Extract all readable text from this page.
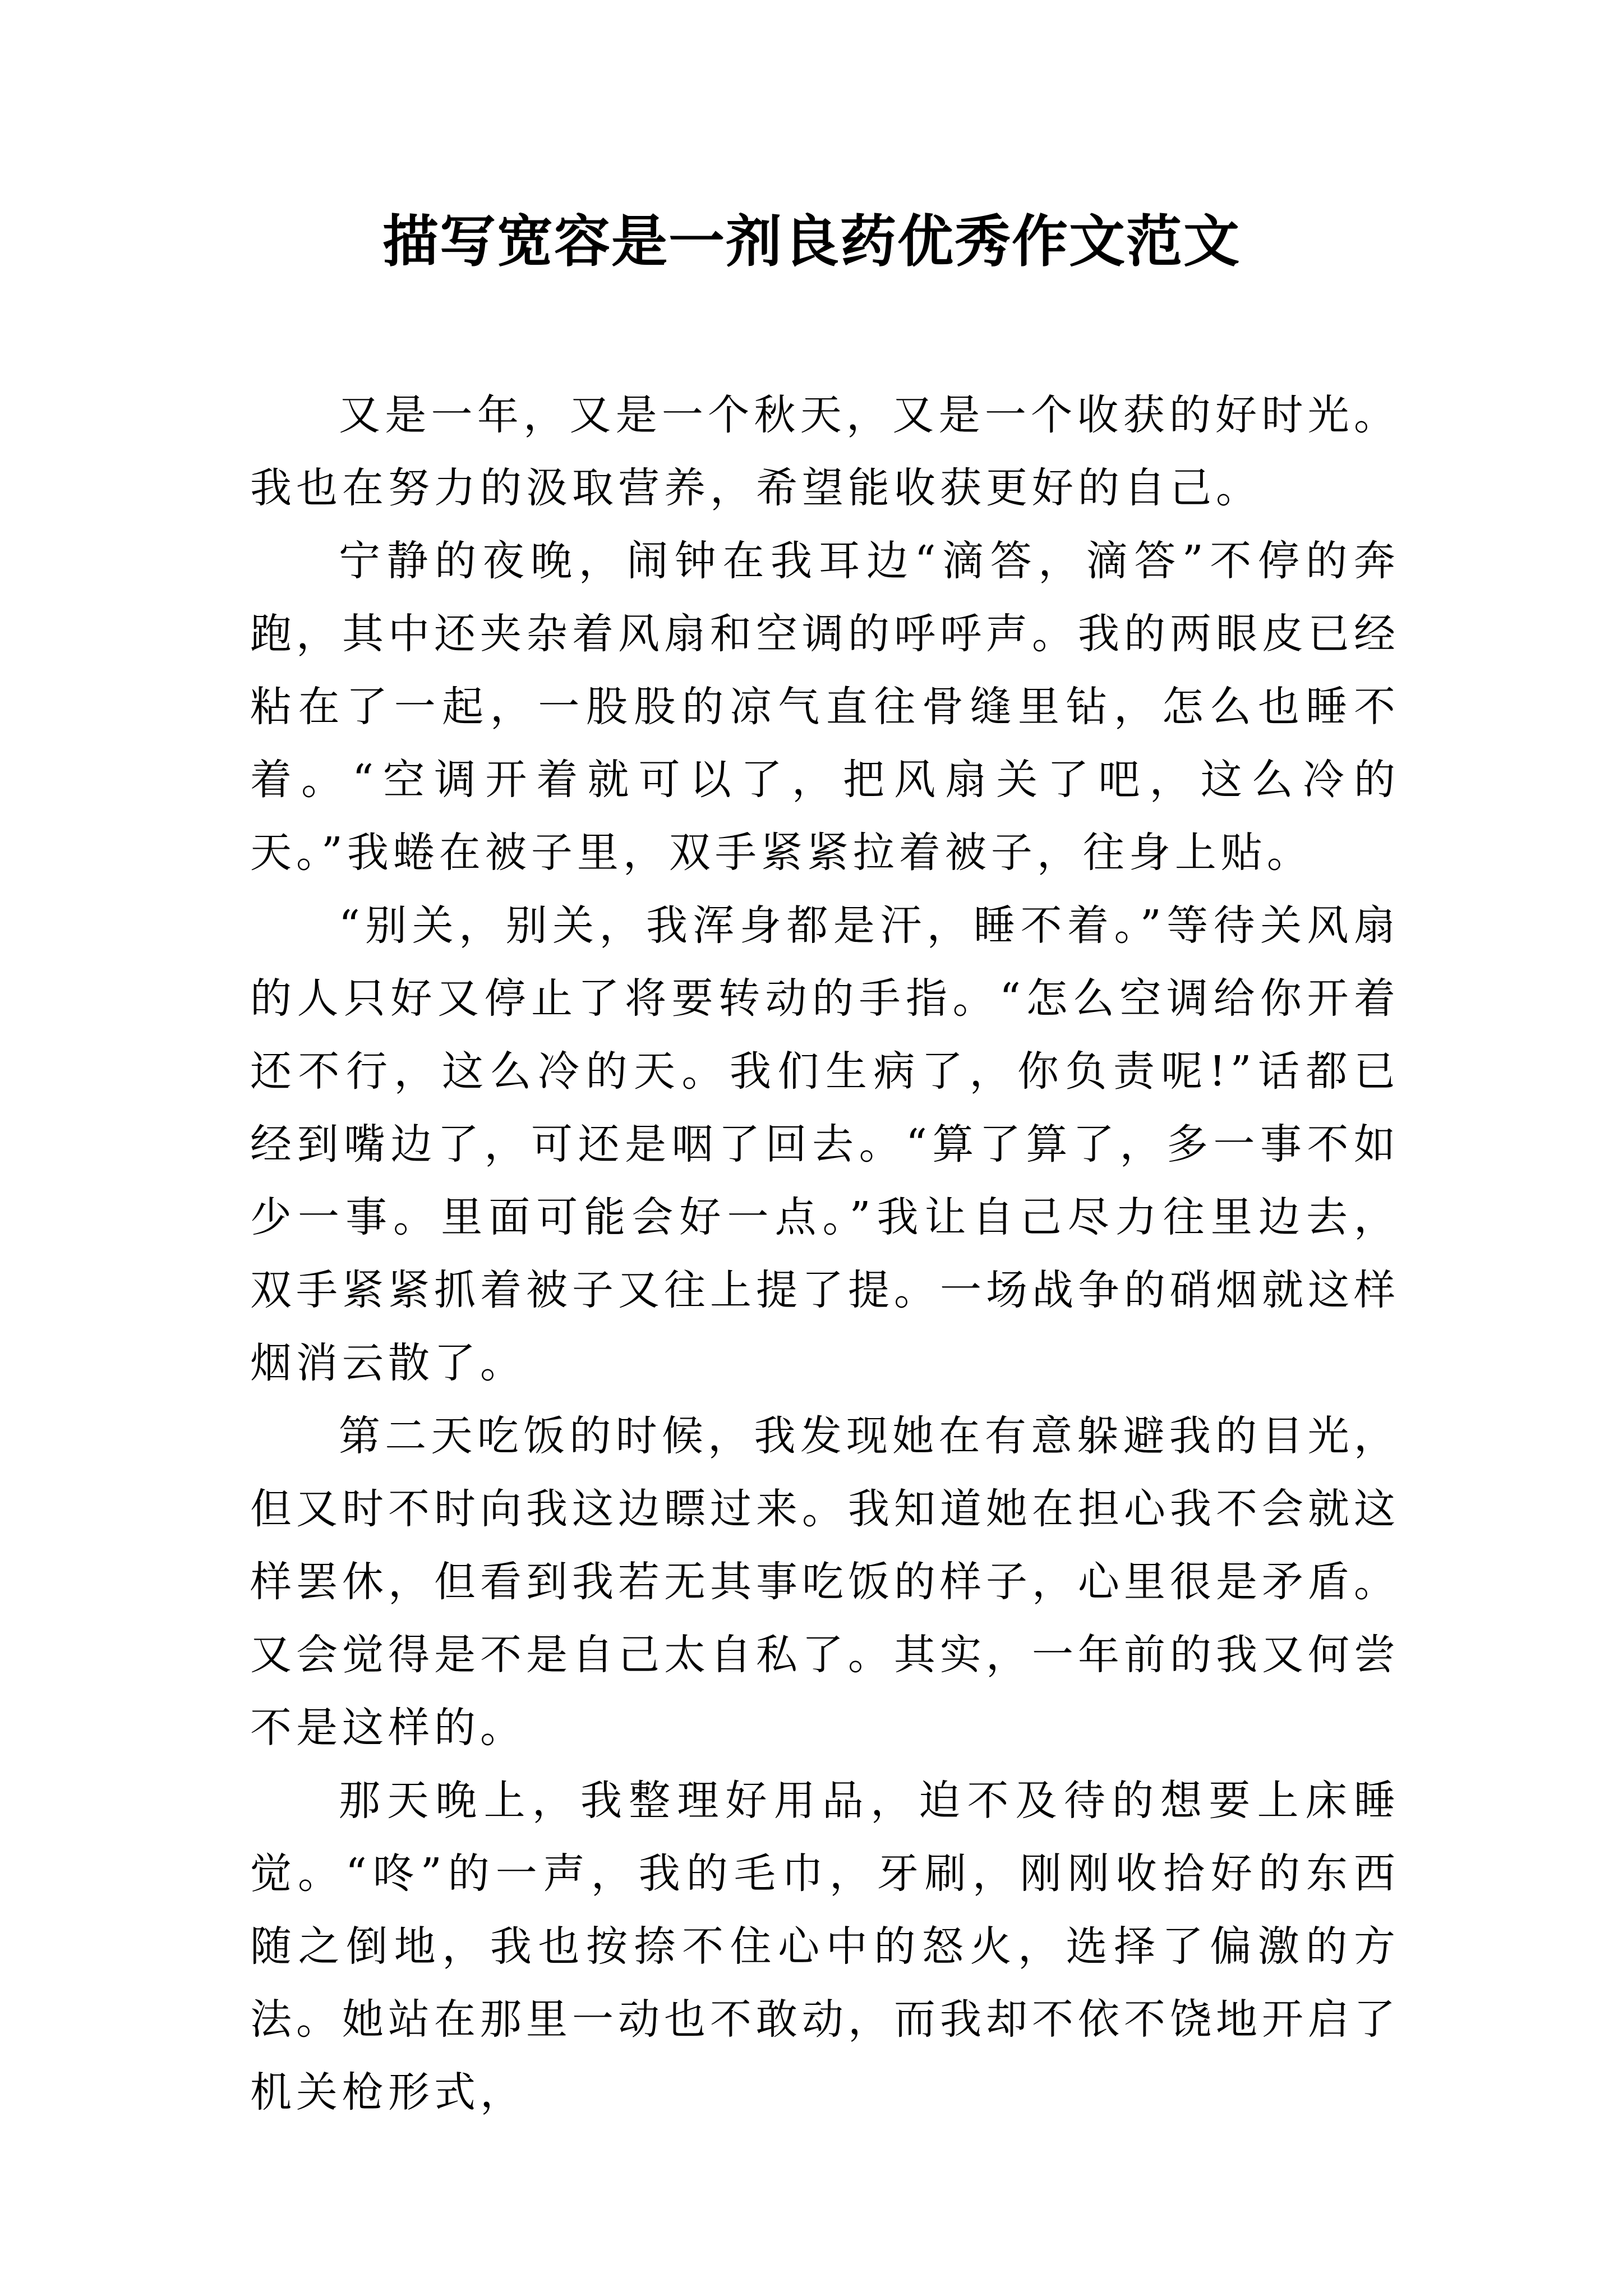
描写宽容是一剂良药优秀作文范文

又是一年，又是一个秋天，又是一个收获的好时光。我也在努力的汲取营养，希望能收获更好的自己。

宁静的夜晚，闹钟在我耳边“滴答，滴答”不停的奔跑，其中还夹杂着风扇和空调的呼呼声。我的两眼皮已经粘在了一起，一股股的凉气直往骨缝里钻，怎么也睡不着。“空调开着就可以了，把风扇关了吧，这么冷的天。”我蜷在被子里，双手紧紧拉着被子，往身上贴。

“别关，别关，我浑身都是汗，睡不着。”等待关风扇的人只好又停止了将要转动的手指。“怎么空调给你开着还不行，这么冷的天。我们生病了，你负责呢!”话都已经到嘴边了，可还是咽了回去。“算了算了，多一事不如少一事。里面可能会好一点。”我让自己尽力往里边去，双手紧紧抓着被子又往上提了提。一场战争的硝烟就这样烟消云散了。

第二天吃饭的时候，我发现她在有意躲避我的目光，但又时不时向我这边瞟过来。我知道她在担心我不会就这样罢休，但看到我若无其事吃饭的样子，心里很是矛盾。又会觉得是不是自己太自私了。其实，一年前的我又何尝不是这样的。

那天晚上，我整理好用品，迫不及待的想要上床睡觉。“咚”的一声，我的毛巾，牙刷，刚刚收拾好的东西随之倒地，我也按捺不住心中的怒火，选择了偏激的方法。她站在那里一动也不敢动，而我却不依不饶地开启了机关枪形式，
